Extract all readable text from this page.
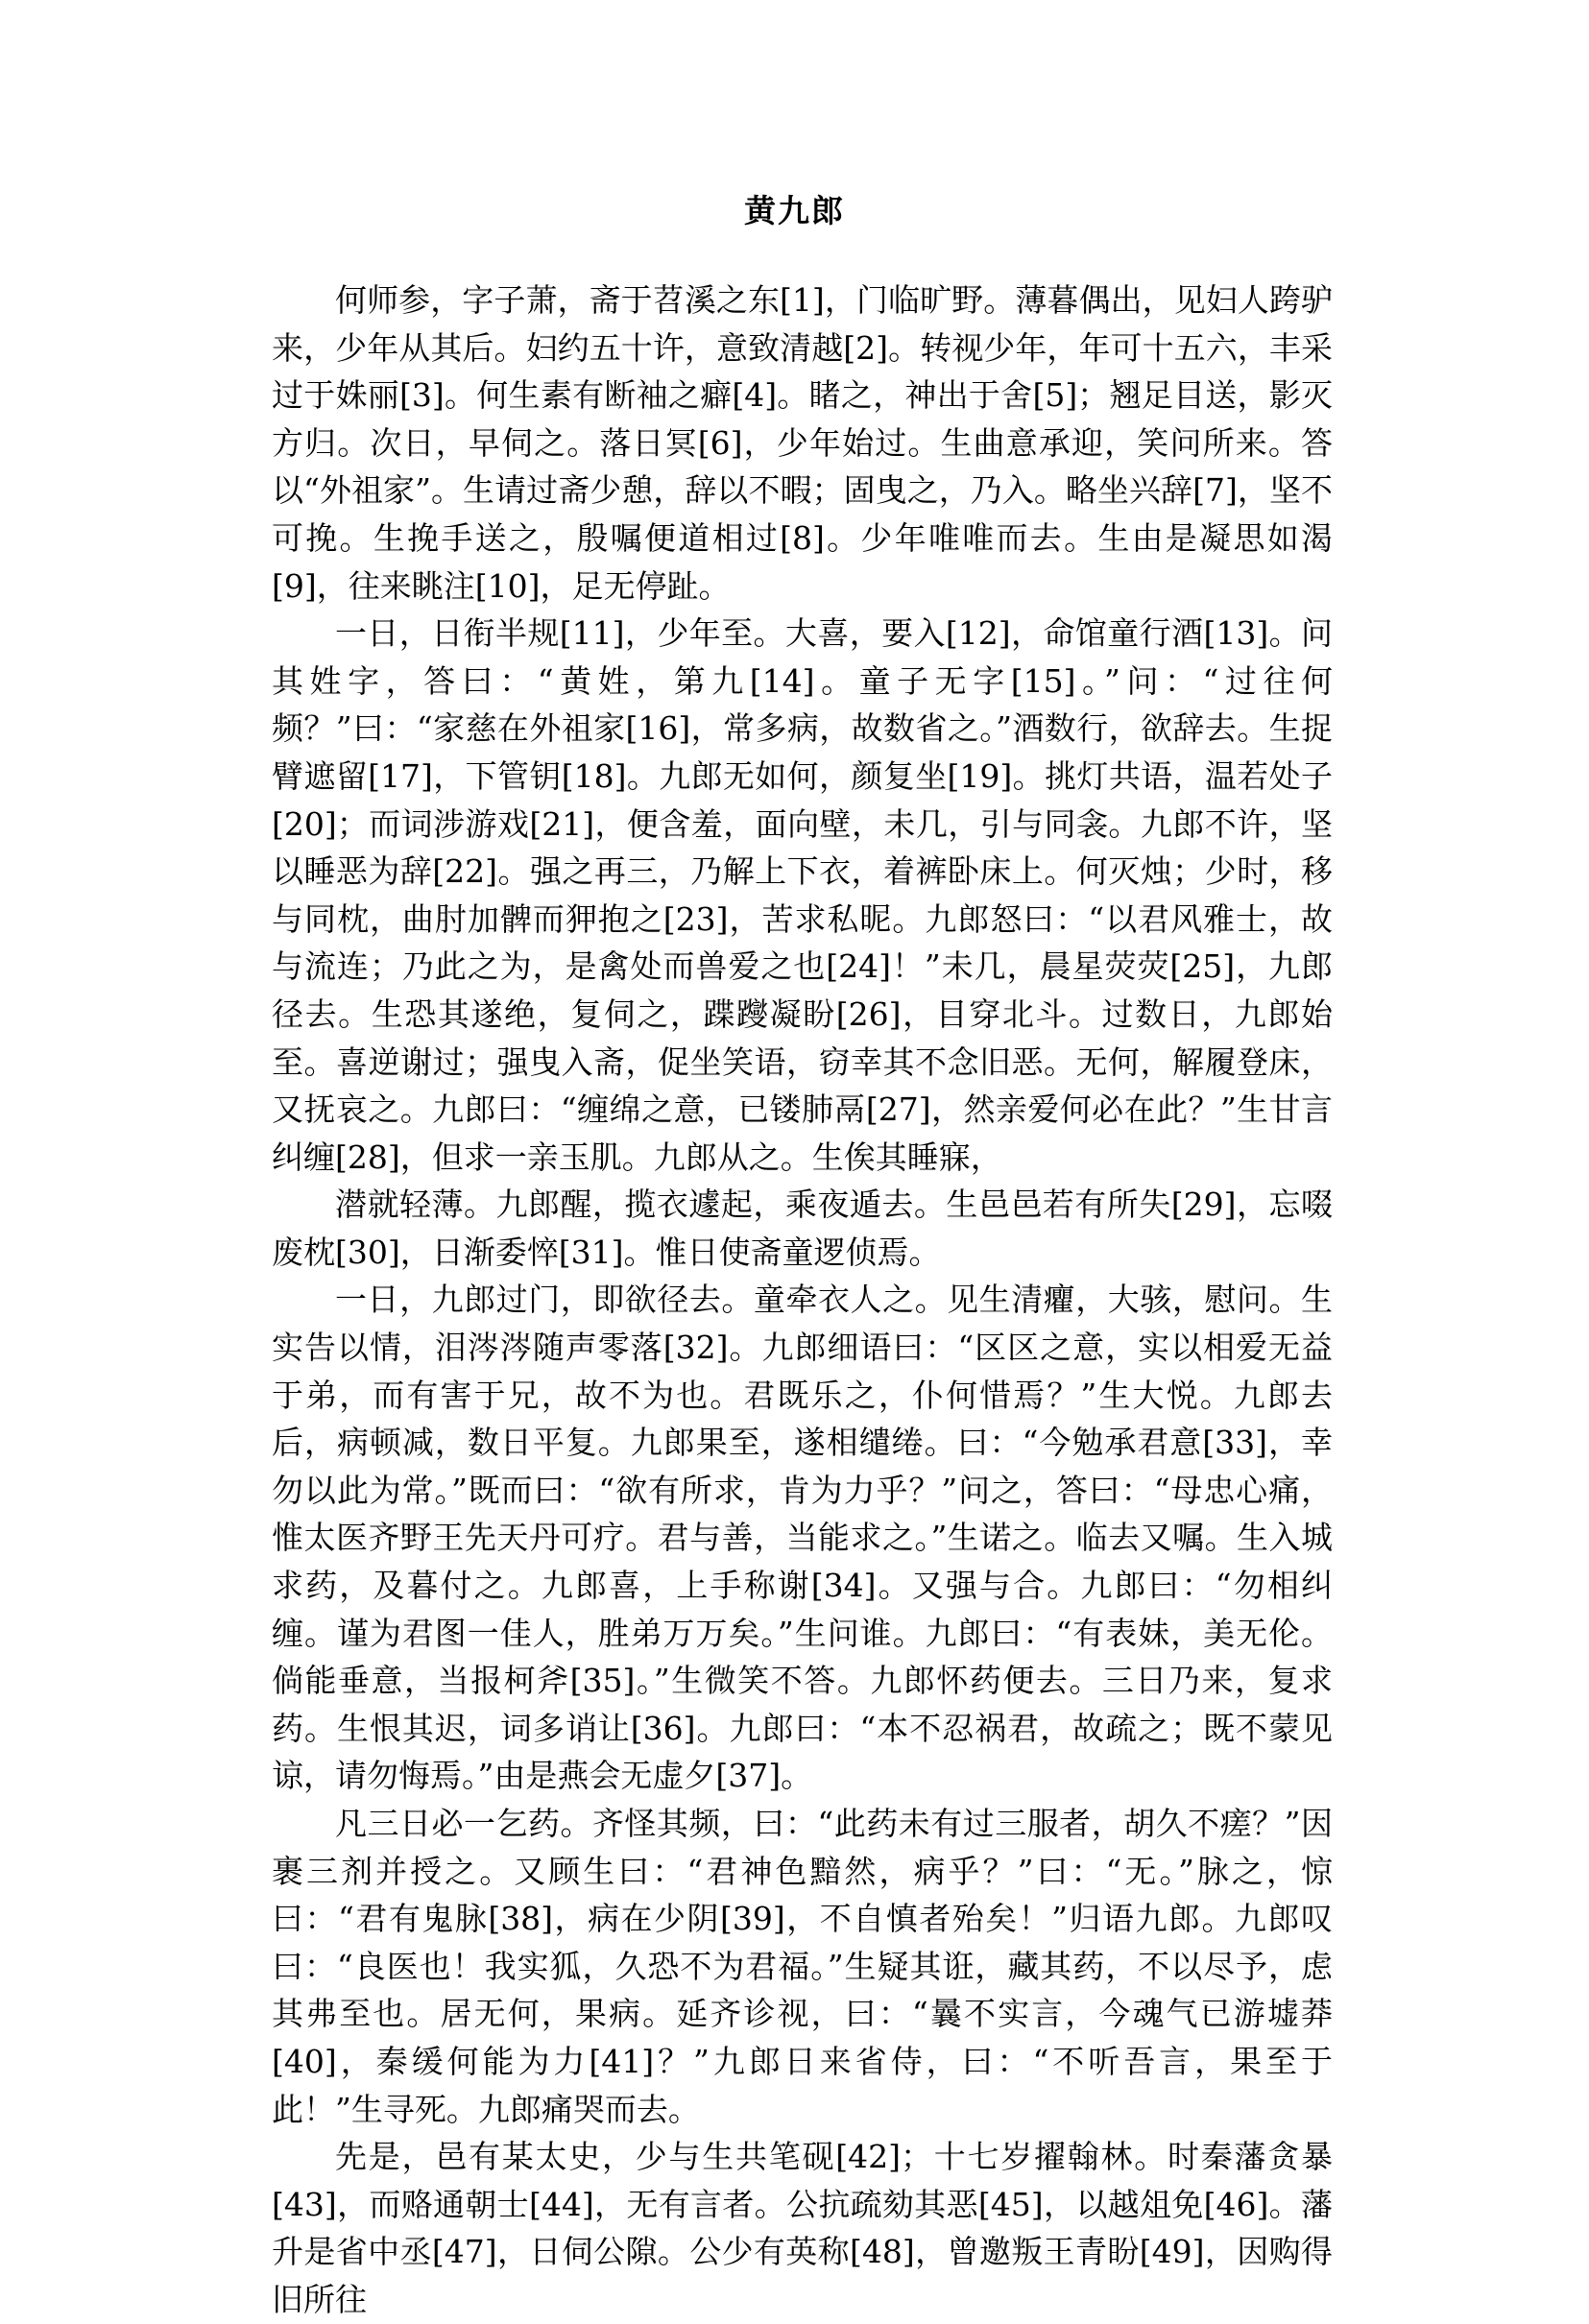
黄九郎

何师参，字子萧，斋于苕溪之东[1]，门临旷野。薄暮偶出，见妇人跨驴来，少年从其后。妇约五十许，意致清越[2]。转视少年，年可十五六，丰采过于姝丽[3]。何生素有断袖之癖[4]。睹之，神出于舍[5]；翘足目送，影灭方归。次日，早伺之。落日冥[6]，少年始过。生曲意承迎，笑问所来。答以“外祖家”。生请过斋少憩，辞以不暇；固曳之，乃入。略坐兴辞[7]，坚不可挽。生挽手送之，殷嘱便道相过[8]。少年唯唯而去。生由是凝思如渴[9]，往来眺注[10]，足无停趾。

一日，日衔半规[11]，少年至。大喜，要入[12]，命馆童行酒[13]。问其姓字，答曰：“黄姓，第九[14]。童子无字[15]。”问：“过往何频？”曰：“家慈在外祖家[16]，常多病，故数省之。”酒数行，欲辞去。生捉臂遮留[17]，下管钥[18]。九郎无如何，颜复坐[19]。挑灯共语，温若处子[20]；而词涉游戏[21]，便含羞，面向壁，未几，引与同衾。九郎不许，坚以睡恶为辞[22]。强之再三，乃解上下衣，着裤卧床上。何灭烛；少时，移与同枕，曲肘加髀而狎抱之[23]，苦求私昵。九郎怒曰：“以君风雅士，故与流连；乃此之为，是禽处而兽爱之也[24]！”未几，晨星荧荧[25]，九郎径去。生恐其遂绝，复伺之，蹀躞凝盼[26]，目穿北斗。过数日，九郎始至。喜逆谢过；强曳入斋，促坐笑语，窃幸其不念旧恶。无何，解履登床，又抚哀之。九郎曰：“缠绵之意，已镂肺鬲[27]，然亲爱何必在此？”生甘言纠缠[28]，但求一亲玉肌。九郎从之。生俟其睡寐，

潜就轻薄。九郎醒，揽衣遽起，乘夜遁去。生邑邑若有所失[29]，忘啜废枕[30]，日渐委悴[31]。惟日使斋童逻侦焉。

一日，九郎过门，即欲径去。童牵衣人之。见生清癯，大骇，慰问。生实告以情，泪涔涔随声零落[32]。九郎细语曰：“区区之意，实以相爱无益于弟，而有害于兄，故不为也。君既乐之，仆何惜焉？”生大悦。九郎去后，病顿减，数日平复。九郎果至，遂相缱绻。曰：“今勉承君意[33]，幸勿以此为常。”既而曰：“欲有所求，肯为力乎？”问之，答曰：“母忠心痛，惟太医齐野王先天丹可疗。君与善，当能求之。”生诺之。临去又嘱。生入城求药，及暮付之。九郎喜，上手称谢[34]。又强与合。九郎曰：“勿相纠缠。谨为君图一佳人，胜弟万万矣。”生问谁。九郎曰：“有表妹，美无伦。倘能垂意，当报柯斧[35]。”生微笑不答。九郎怀药便去。三日乃来，复求药。生恨其迟，词多诮让[36]。九郎曰：“本不忍祸君，故疏之；既不蒙见谅，请勿悔焉。”由是燕会无虚夕[37]。

凡三日必一乞药。齐怪其频，曰：“此药未有过三服者，胡久不瘥？”因裹三剂并授之。又顾生曰：“君神色黯然，病乎？”曰：“无。”脉之，惊曰：“君有鬼脉[38]，病在少阴[39]，不自慎者殆矣！”归语九郎。九郎叹曰：“良医也！我实狐，久恐不为君福。”生疑其诳，藏其药，不以尽予，虑其弗至也。居无何，果病。延齐诊视，曰：“曩不实言，今魂气已游墟莽[40]，秦缓何能为力[41]？”九郎日来省侍，曰：“不听吾言，果至于此！”生寻死。九郎痛哭而去。

先是，邑有某太史，少与生共笔砚[42]；十七岁擢翰林。时秦藩贪暴[43]，而赂通朝士[44]，无有言者。公抗疏劾其恶[45]，以越俎免[46]。藩升是省中丞[47]，日伺公隙。公少有英称[48]，曾邀叛王青盼[49]，因购得旧所往
